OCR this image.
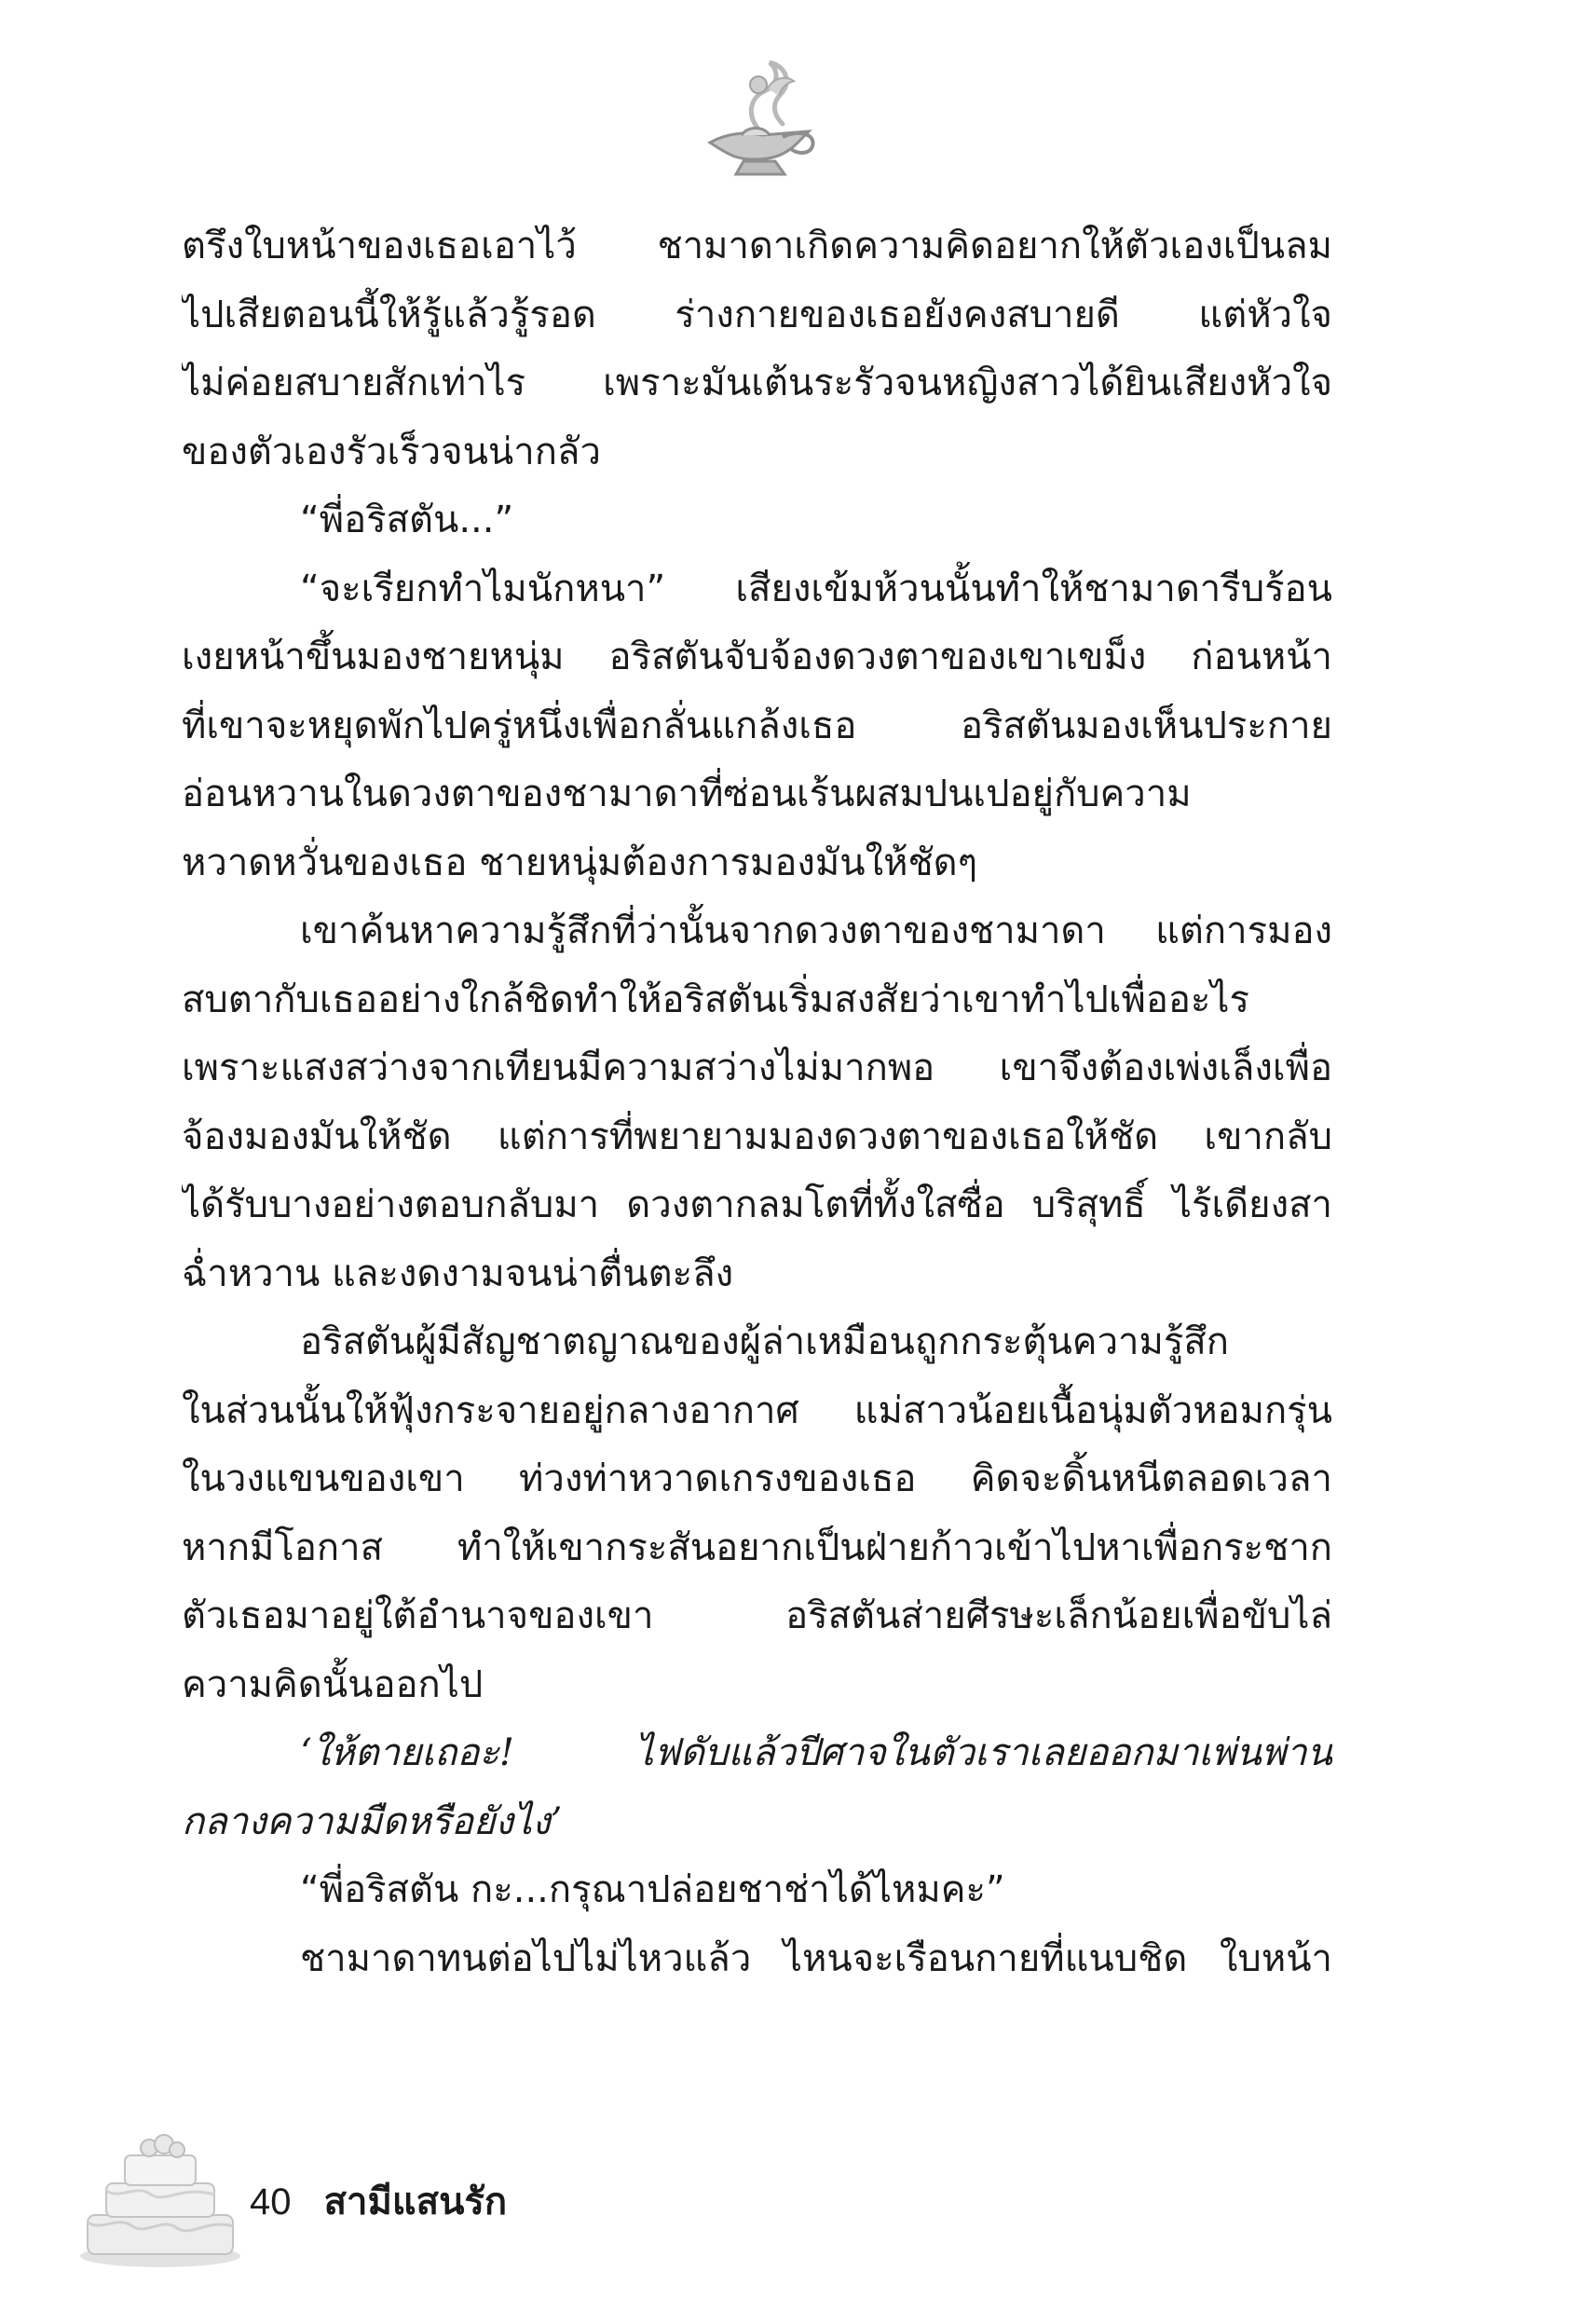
ตรึงใบหน้าของเธอเอาไว้ ชามาดาเกิดความคิดอยากให้ตัวเองเป็นลม
ไปเสียตอนนี้ให้รู้แล้วรู้รอด ร่างกายของเธอยังคงสบายดี แต่หัวใจ
ไม่ค่อยสบายสักเท่าไร เพราะมันเต้นระรัวจนหญิงสาวได้ยินเสียงหัวใจ
ของตัวเองรัวเร็วจนน่ากลัว
“พี่อริสตัน...”
“จะเรียกทำไมนักหนา” เสียงเข้มห้วนนั้นทำให้ชามาดารีบร้อน
เงยหน้าขึ้นมองชายหนุ่ม อริสตันจับจ้องดวงตาของเขาเขม็ง ก่อนหน้า
ที่เขาจะหยุดพักไปครู่หนึ่งเพื่อกลั่นแกล้งเธอ อริสตันมองเห็นประกาย
อ่อนหวานในดวงตาของชามาดาที่ซ่อนเร้นผสมปนเปอยู่กับความ
หวาดหวั่นของเธอ ชายหนุ่มต้องการมองมันให้ชัดๆ
เขาค้นหาความรู้สึกที่ว่านั้นจากดวงตาของชามาดา แต่การมอง
สบตากับเธออย่างใกล้ชิดทำให้อริสตันเริ่มสงสัยว่าเขาทำไปเพื่ออะไร
เพราะแสงสว่างจากเทียนมีความสว่างไม่มากพอ เขาจึงต้องเพ่งเล็งเพื่อ
จ้องมองมันให้ชัด แต่การที่พยายามมองดวงตาของเธอให้ชัด เขากลับ
ได้รับบางอย่างตอบกลับมา ดวงตากลมโตที่ทั้งใสซื่อ บริสุทธิ์ ไร้เดียงสา
ฉ่ำหวาน และงดงามจนน่าตื่นตะลึง
อริสตันผู้มีสัญชาตญาณของผู้ล่าเหมือนถูกกระตุ้นความรู้สึก
ในส่วนนั้นให้ฟุ้งกระจายอยู่กลางอากาศ แม่สาวน้อยเนื้อนุ่มตัวหอมกรุ่น
ในวงแขนของเขา ท่วงท่าหวาดเกรงของเธอ คิดจะดิ้นหนีตลอดเวลา
หากมีโอกาส ทำให้เขากระสันอยากเป็นฝ่ายก้าวเข้าไปหาเพื่อกระชาก
ตัวเธอมาอยู่ใต้อำนาจของเขา อริสตันส่ายศีรษะเล็กน้อยเพื่อขับไล่
ความคิดนั้นออกไป
‘ให้ตายเถอะ! ไฟดับแล้วปีศาจในตัวเราเลยออกมาเพ่นพ่าน
กลางความมืดหรือยังไง’
“พี่อริสตัน กะ...กรุณาปล่อยชาช่าได้ไหมคะ”
ชามาดาทนต่อไปไม่ไหวแล้ว ไหนจะเรือนกายที่แนบชิด ใบหน้า
40 สามีแสนรัก
